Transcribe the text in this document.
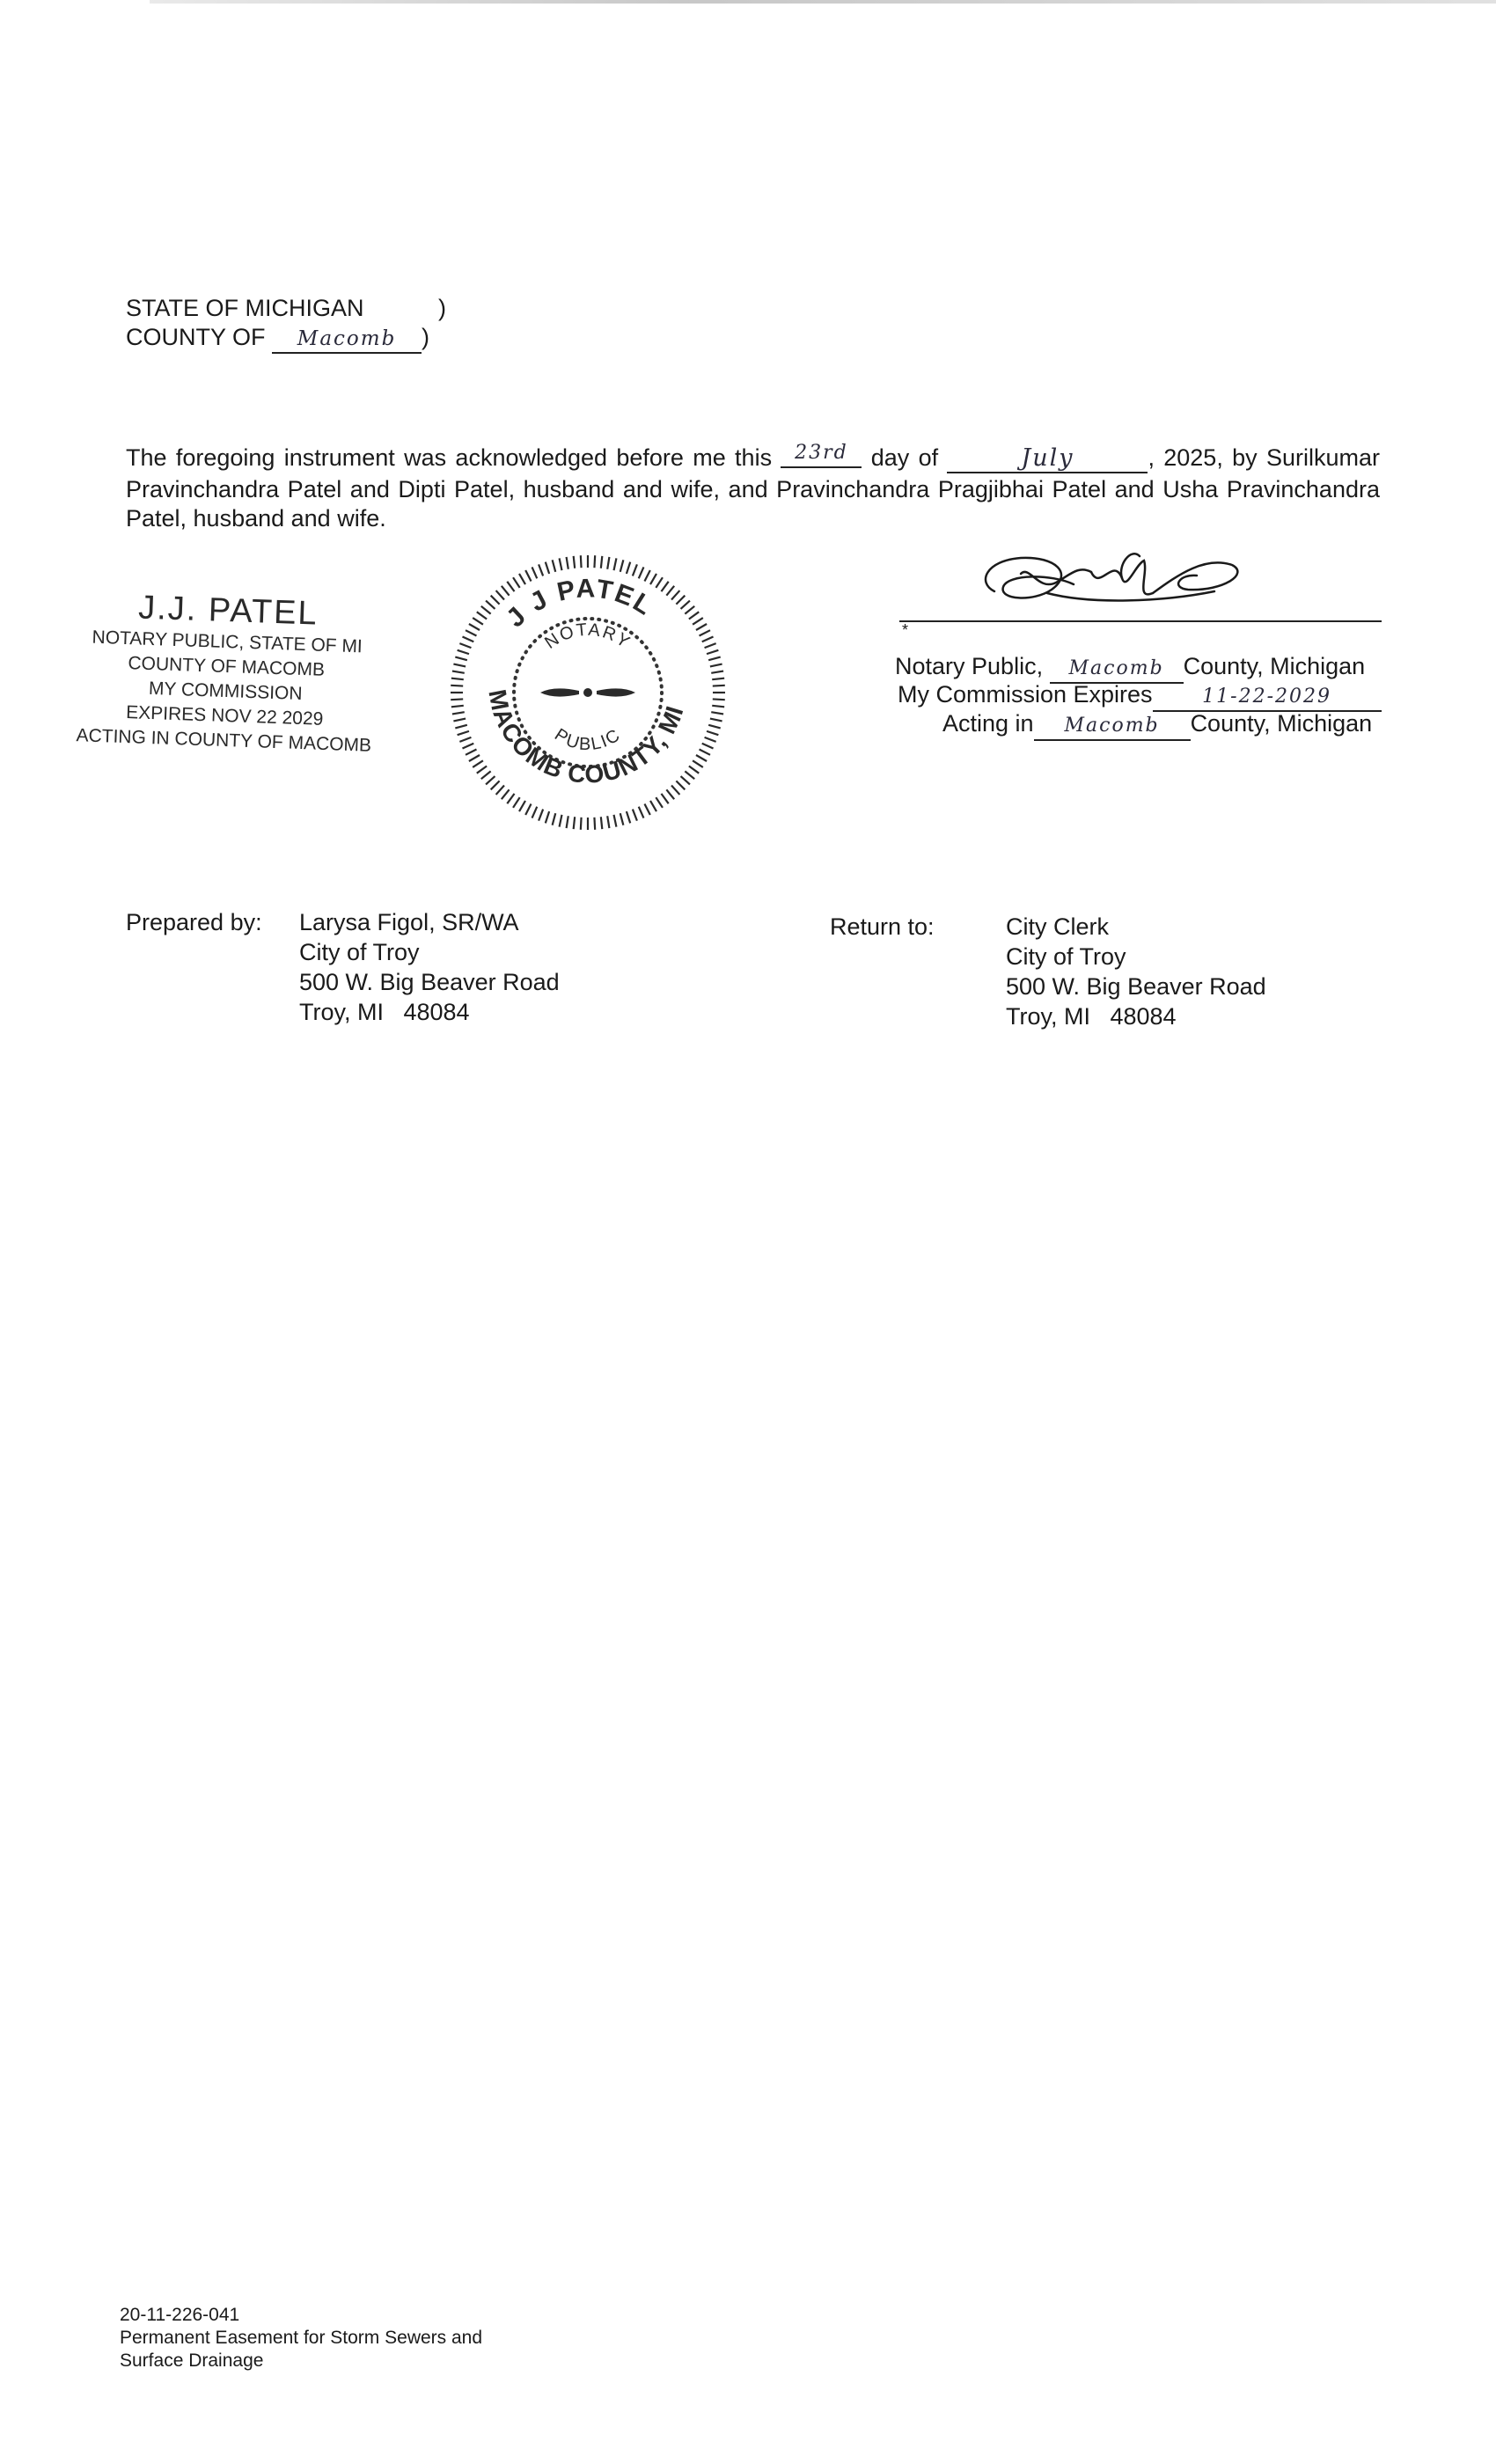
STATE OF MICHIGAN	)
COUNTY OF Macomb )
The foregoing instrument was acknowledged before me this 23rd day of	July	, 2025, by Surilkumar Pravinchandra Patel and Dipti Patel, husband and wife, and Pravinchandra Pragjibhai Patel and Usha Pravinchandra Patel, husband and wife.
J.J. PATEL
NOTARY PUBLIC, STATE OF MI
COUNTY OF MACOMB
MY COMMISSION
EXPIRES NOV 22 2029
ACTING IN COUNTY OF MACOMB
J J PATEL
MACOMB COUNTY, MI
NOTARY
PUBLIC
*
Notary Public, Macomb County, Michigan
My Commission Expires	11-22-2029
Acting in Macomb County, Michigan
Prepared by: Larysa Figol, SR/WA
City of Troy
500 W. Big Beaver Road
Troy, MI   48084
Return to:	City Clerk
City of Troy
500 W. Big Beaver Road
Troy, MI   48084
20-11-226-041
Permanent Easement for Storm Sewers and
Surface Drainage
